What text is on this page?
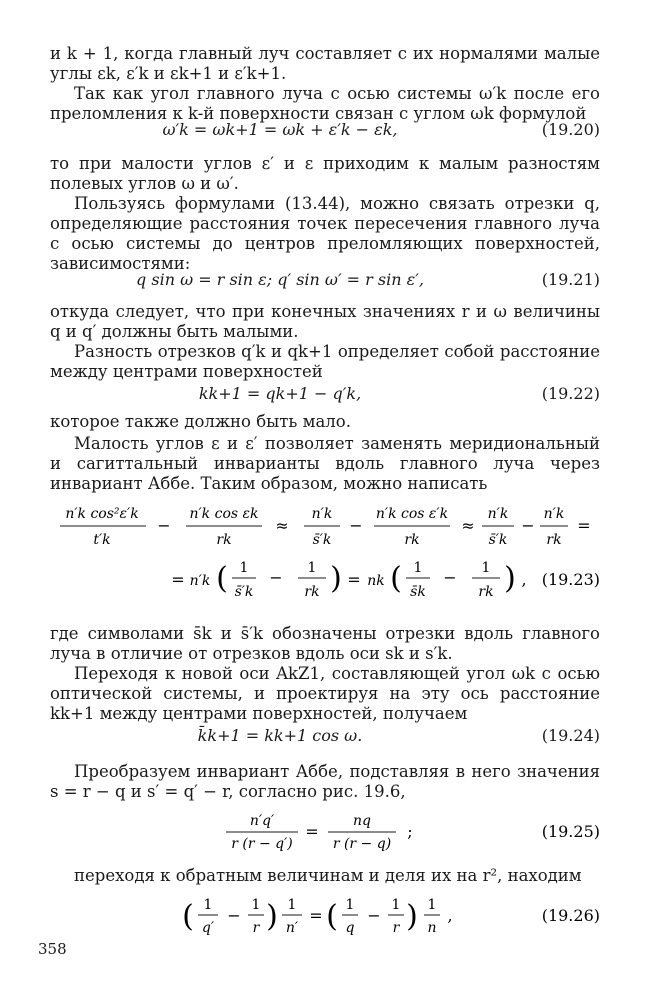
и k + 1, когда главный луч составляет с их нормалями малые углы εk, ε′k и εk+1 и ε′k+1.
Так как угол главного луча с осью системы ω′k после его преломления к k-й поверхности связан с углом ωk формулой
ω′k = ωk+1 = ωk + ε′k − εk,	(19.20)
то при малости углов ε′ и ε приходим к малым разностям полевых углов ω и ω′.
Пользуясь формулами (13.44), можно связать отрезки q, определяющие расстояния точек пересечения главного луча с осью системы до центров преломляющих поверхностей, зависимостями:
q sin ω = r sin ε; q′ sin ω′ = r sin ε′,	(19.21)
откуда следует, что при конечных значениях r и ω величины q и q′ должны быть малыми.
Разность отрезков q′k и qk+1 определяет собой расстояние между центрами поверхностей
kk+1 = qk+1 − q′k,	(19.22)
которое также должно быть мало.
Малость углов ε и ε′ позволяет заменять меридиональный и сагиттальный инварианты вдоль главного луча через инвариант Аббе. Таким образом, можно написать
n′k cos²ε′k
t′k
−
n′k cos εk
rk
≈
n′k
s̄′k
−
n′k cos ε′k
rk
≈
n′k
s̄′k
−
n′k
rk
=
= n′k ( 1
s̄′k
− 1
rk ) = nk ( 1
s̄k
− 1
rk ) , (19.23)
где символами s̄k и s̄′k обозначены отрезки вдоль главного луча в отличие от отрезков вдоль оси sk и s′k.
Переходя к новой оси AkZ1, составляющей угол ωk с осью оптической системы, и проектируя на эту ось расстояние kk+1 между центрами поверхностей, получаем
k̄k+1 = kk+1 cos ω.	(19.24)
Преобразуем инвариант Аббе, подставляя в него значения s = r − q и s′ = q′ − r, согласно рис. 19.6,
n′q′
r (r − q′)
=
nq
r (r − q)
;	(19.25)
переходя к обратным величинам и деля их на r², находим
( 1
q′
−
1
r ) 1
n′
= ( 1
q
−
1
r ) 1
n
,	(19.26)
358
